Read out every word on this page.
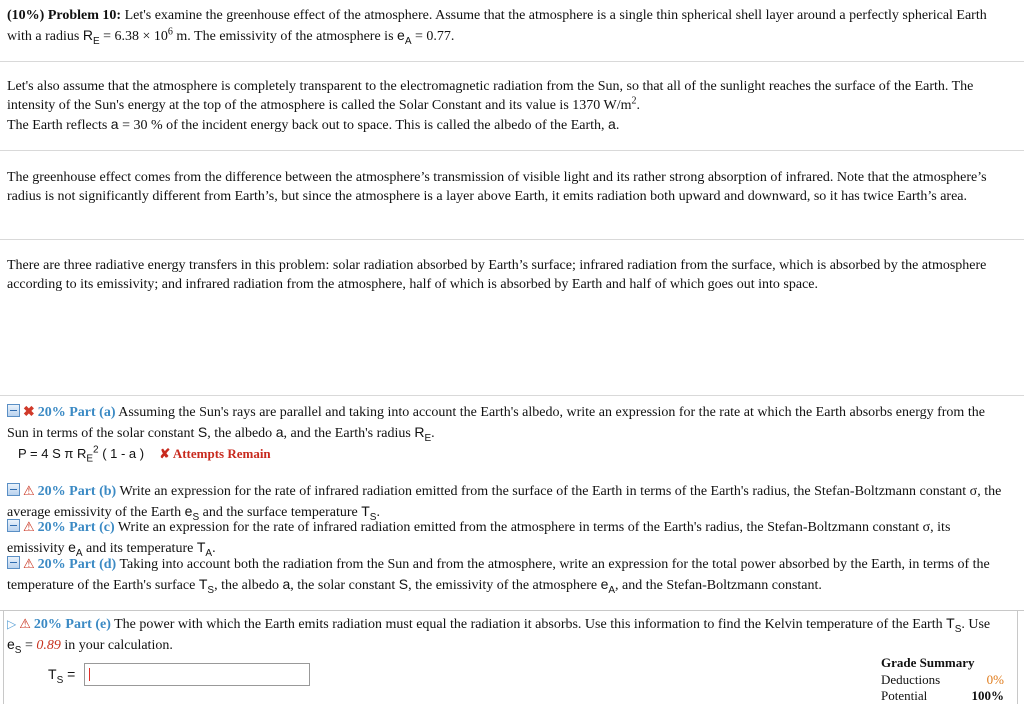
(10%) Problem 10: Let's examine the greenhouse effect of the atmosphere. Assume that the atmosphere is a single thin spherical shell layer around a perfectly spherical Earth with a radius $R_E = 6.38 \times 10^6$ m. The emissivity of the atmosphere is $e_A = 0.77$.
Let's also assume that the atmosphere is completely transparent to the electromagnetic radiation from the Sun, so that all of the sunlight reaches the surface of the Earth. The intensity of the Sun's energy at the top of the atmosphere is called the Solar Constant and its value is 1370 $W/m^2$.
The Earth reflects a = 30 % of the incident energy back out to space. This is called the albedo of the Earth, a.
The greenhouse effect comes from the difference between the atmosphere’s transmission of visible light and its rather strong absorption of infrared. Note that the atmosphere’s radius is not significantly different from Earth’s, but since the atmosphere is a layer above Earth, it emits radiation both upward and downward, so it has twice Earth’s area.
There are three radiative energy transfers in this problem: solar radiation absorbed by Earth’s surface; infrared radiation from the surface, which is absorbed by the atmosphere according to its emissivity; and infrared radiation from the atmosphere, half of which is absorbed by Earth and half of which goes out into space.
✖ 20% Part (a) Assuming the Sun's rays are parallel and taking into account the Earth's albedo, write an expression for the rate at which the Earth absorbs energy from the Sun in terms of the solar constant S, the albedo a, and the Earth's radius $R_E$.
P = 4 S π $R_E^2$ ( 1 - a ) ✘ Attempts Remain
⚠ 20% Part (b) Write an expression for the rate of infrared radiation emitted from the surface of the Earth in terms of the Earth's radius, the Stefan-Boltzmann constant σ, the average emissivity of the Earth $e_S$ and the surface temperature $T_S$.
⚠ 20% Part (c) Write an expression for the rate of infrared radiation emitted from the atmosphere in terms of the Earth's radius, the Stefan-Boltzmann constant σ, its emissivity $e_A$ and its temperature $T_A$.
⚠ 20% Part (d) Taking into account both the radiation from the Sun and from the atmosphere, write an expression for the total power absorbed by the Earth, in terms of the temperature of the Earth's surface $T_S$, the albedo a, the solar constant S, the emissivity of the atmosphere $e_A$, and the Stefan-Boltzmann constant.
▷ ⚠ 20% Part (e) The power with which the Earth emits radiation must equal the radiation it absorbs. Use this information to find the Kelvin temperature of the Earth $T_S$. Use $e_S = 0.89$ in your calculation.
$T_S$ =
Grade Summary
Deductions	0%
Potential	100%
